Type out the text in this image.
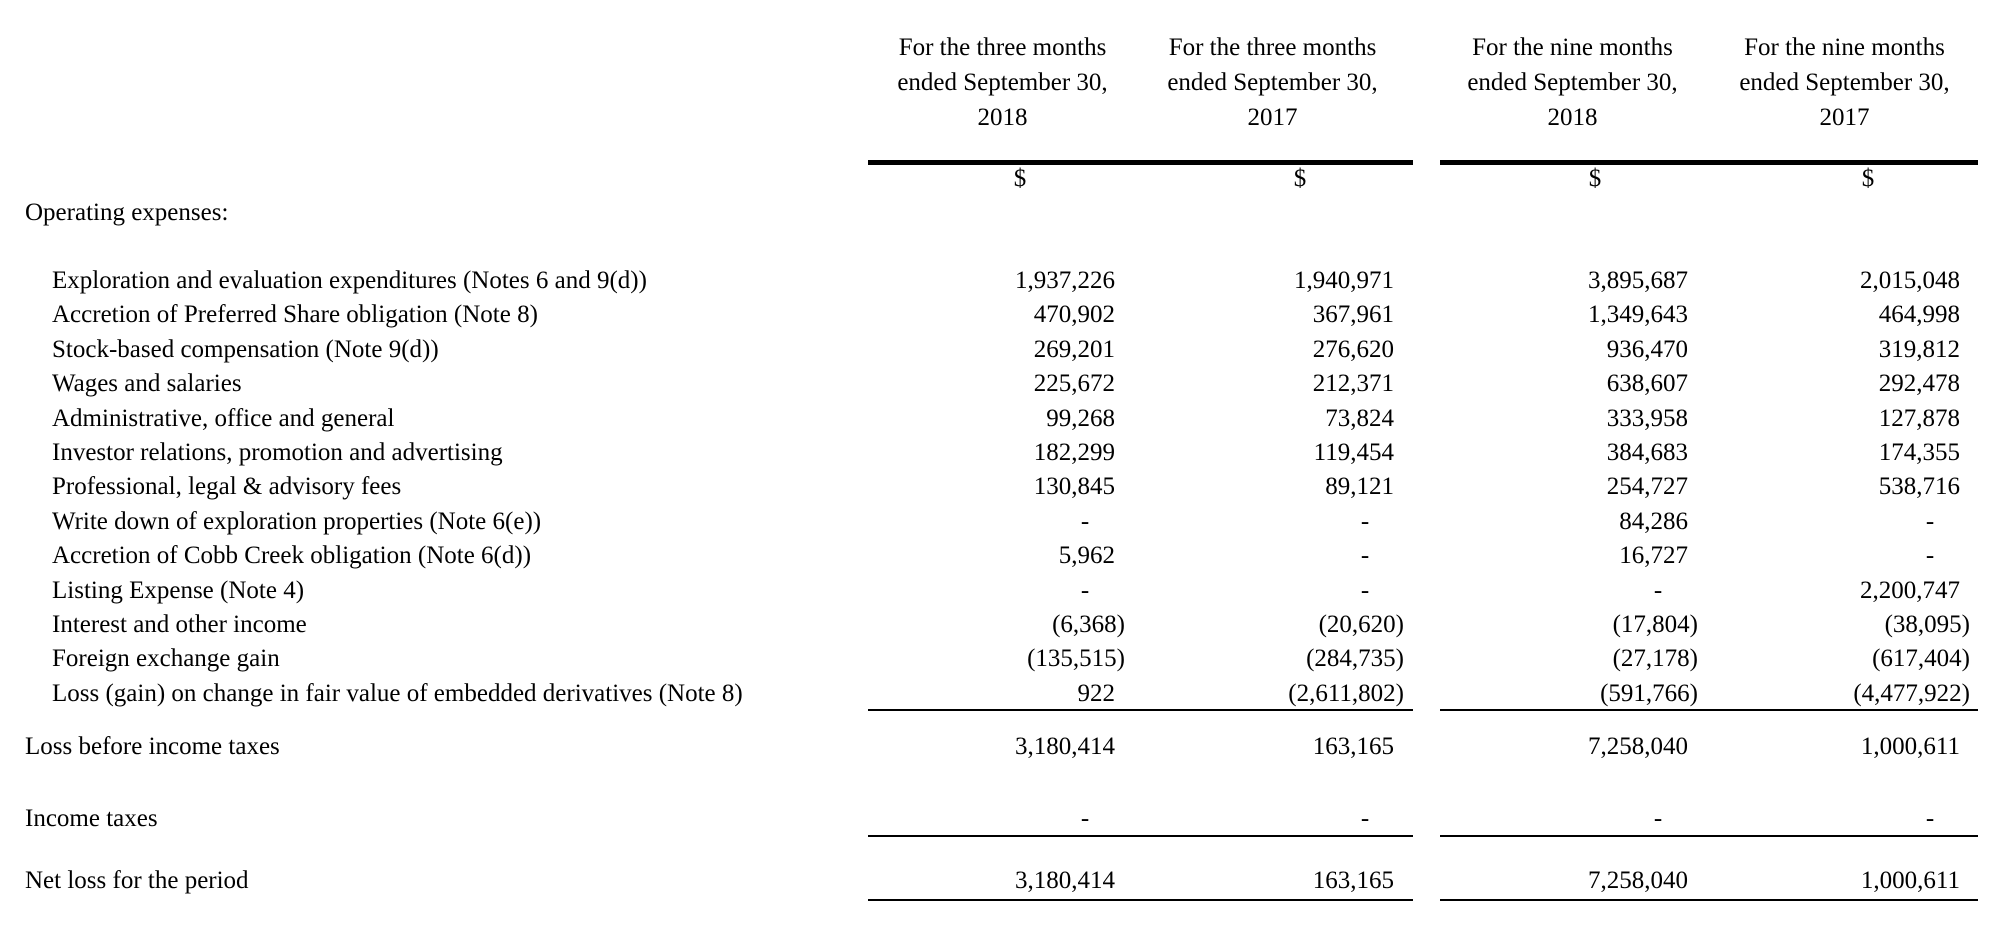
For the three months
ended September 30,
2018
For the three months
ended September 30,
2017
For the nine months
ended September 30,
2018
For the nine months
ended September 30,
2017
$	$	$	$
Operating expenses:
Exploration and evaluation expenditures (Notes 6 and 9(d))	1,937,226	1,940,971	3,895,687	2,015,048
Accretion of Preferred Share obligation (Note 8)	470,902	367,961	1,349,643	464,998
Stock-based compensation (Note 9(d))	269,201	276,620	936,470	319,812
Wages and salaries	225,672	212,371	638,607	292,478
Administrative, office and general	99,268	73,824	333,958	127,878
Investor relations, promotion and advertising	182,299	119,454	384,683	174,355
Professional, legal & advisory fees	130,845	89,121	254,727	538,716
Write down of exploration properties (Note 6(e))	-	-	84,286	-
Accretion of Cobb Creek obligation (Note 6(d))	5,962	-	16,727	-
Listing Expense (Note 4)	-	-	-	2,200,747
Interest and other income	(6,368)	(20,620)	(17,804)	(38,095)
Foreign exchange gain	(135,515)	(284,735)	(27,178)	(617,404)
Loss (gain) on change in fair value of embedded derivatives (Note 8)	922	(2,611,802)	(591,766)	(4,477,922)
Loss before income taxes	3,180,414	163,165	7,258,040	1,000,611
Income taxes	-	-	-	-
Net loss for the period	3,180,414	163,165	7,258,040	1,000,611
